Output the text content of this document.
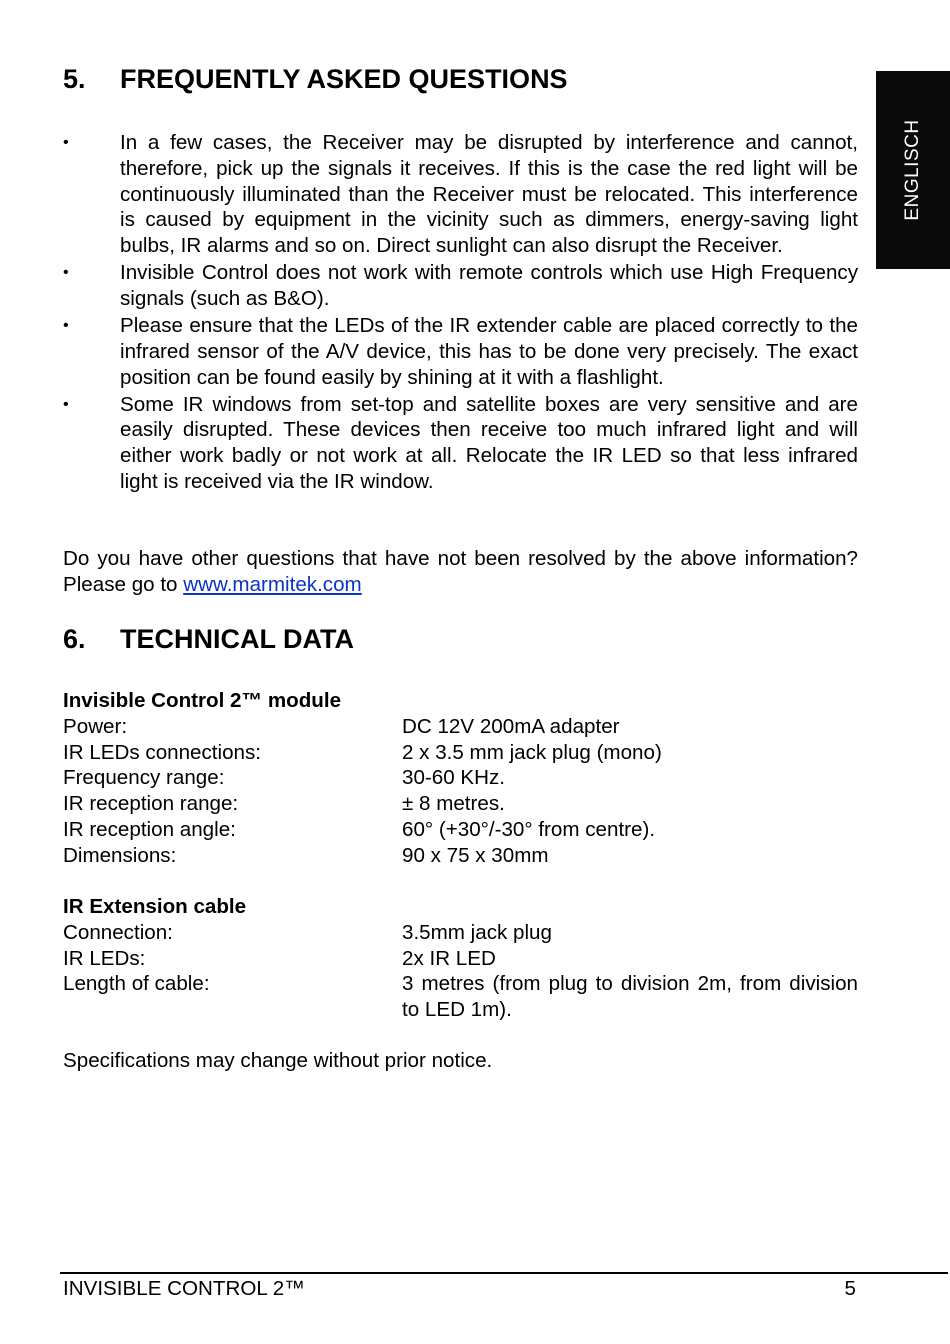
ENGLISCH
5. FREQUENTLY ASKED QUESTIONS
• In a few cases, the Receiver may be disrupted by interference and cannot, therefore, pick up the signals it receives. If this is the case the red light will be continuously illuminated than the Receiver must be relocated. This interference is caused by equipment in the vicinity such as dimmers, energy-saving light bulbs, IR alarms and so on. Direct sunlight can also disrupt the Receiver.
• Invisible Control does not work with remote controls which use High Frequency signals (such as B&O).
• Please ensure that the LEDs of the IR extender cable are placed correctly to the infrared sensor of the A/V device, this has to be done very precisely. The exact position can be found easily by shining at it with a flashlight.
• Some IR windows from set-top and satellite boxes are very sensitive and are easily disrupted. These devices then receive too much infrared light and will either work badly or not work at all. Relocate the IR LED so that less infrared light is received via the IR window.

Do you have other questions that have not been resolved by the above information? Please go to www.marmitek.com

6. TECHNICAL DATA
Invisible Control 2™ module
Power:	DC 12V 200mA adapter
IR LEDs connections:	2 x 3.5 mm jack plug (mono)
Frequency range:	30-60 KHz.
IR reception range:	± 8 metres.
IR reception angle:	60° (+30°/-30° from centre).
Dimensions:	90 x 75 x 30mm
IR Extension cable
Connection:	3.5mm jack plug
IR LEDs:	2x IR LED
Length of cable:	3 metres (from plug to division 2m, from division to LED 1m).

Specifications may change without prior notice.

INVISIBLE CONTROL 2™	5
